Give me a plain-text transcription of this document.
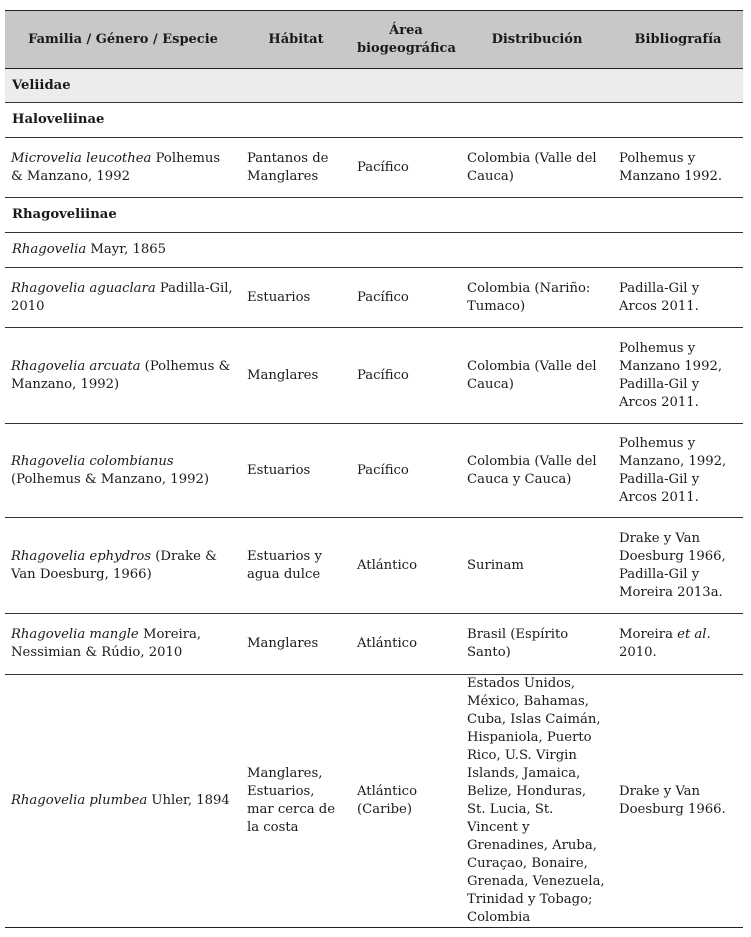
Familia / Género / Especie	Hábitat	Área biogeográfica	Distribución	Bibliografía
Veliidae				
Haloveliinae				
Microvelia leucothea Polhemus & Manzano, 1992	Pantanos de Manglares	Pacífico	Colombia (Valle del Cauca)	Polhemus y Manzano 1992.
Rhagoveliinae				
Rhagovelia Mayr, 1865				
Rhagovelia aguaclara Padilla-Gil, 2010	Estuarios	Pacífico	Colombia (Nariño: Tumaco)	Padilla-Gil y Arcos 2011.
Rhagovelia arcuata (Polhemus & Manzano, 1992)	Manglares	Pacífico	Colombia (Valle del Cauca)	Polhemus y Manzano 1992, Padilla-Gil y Arcos 2011.
Rhagovelia colombianus (Polhemus & Manzano, 1992)	Estuarios	Pacífico	Colombia (Valle del Cauca y Cauca)	Polhemus y Manzano, 1992, Padilla-Gil y Arcos 2011.
Rhagovelia ephydros (Drake & Van Doesburg, 1966)	Estuarios y agua dulce	Atlántico	Surinam	Drake y Van Doesburg 1966, Padilla-Gil y Moreira 2013a.
Rhagovelia mangle Moreira, Nessimian & Rúdio, 2010	Manglares	Atlántico	Brasil (Espírito Santo)	Moreira et al. 2010.
Rhagovelia plumbea Uhler, 1894	Manglares, Estuarios, mar cerca de la costa	Atlántico (Caribe)	Estados Unidos, México, Bahamas, Cuba, Islas Caimán, Hispaniola, Puerto Rico, U.S. Virgin Islands, Jamaica, Belize, Honduras, St. Lucia, St. Vincent y Grenadines, Aruba, Curaçao, Bonaire, Grenada, Venezuela, Trinidad y Tobago; Colombia	Drake y Van Doesburg 1966.
